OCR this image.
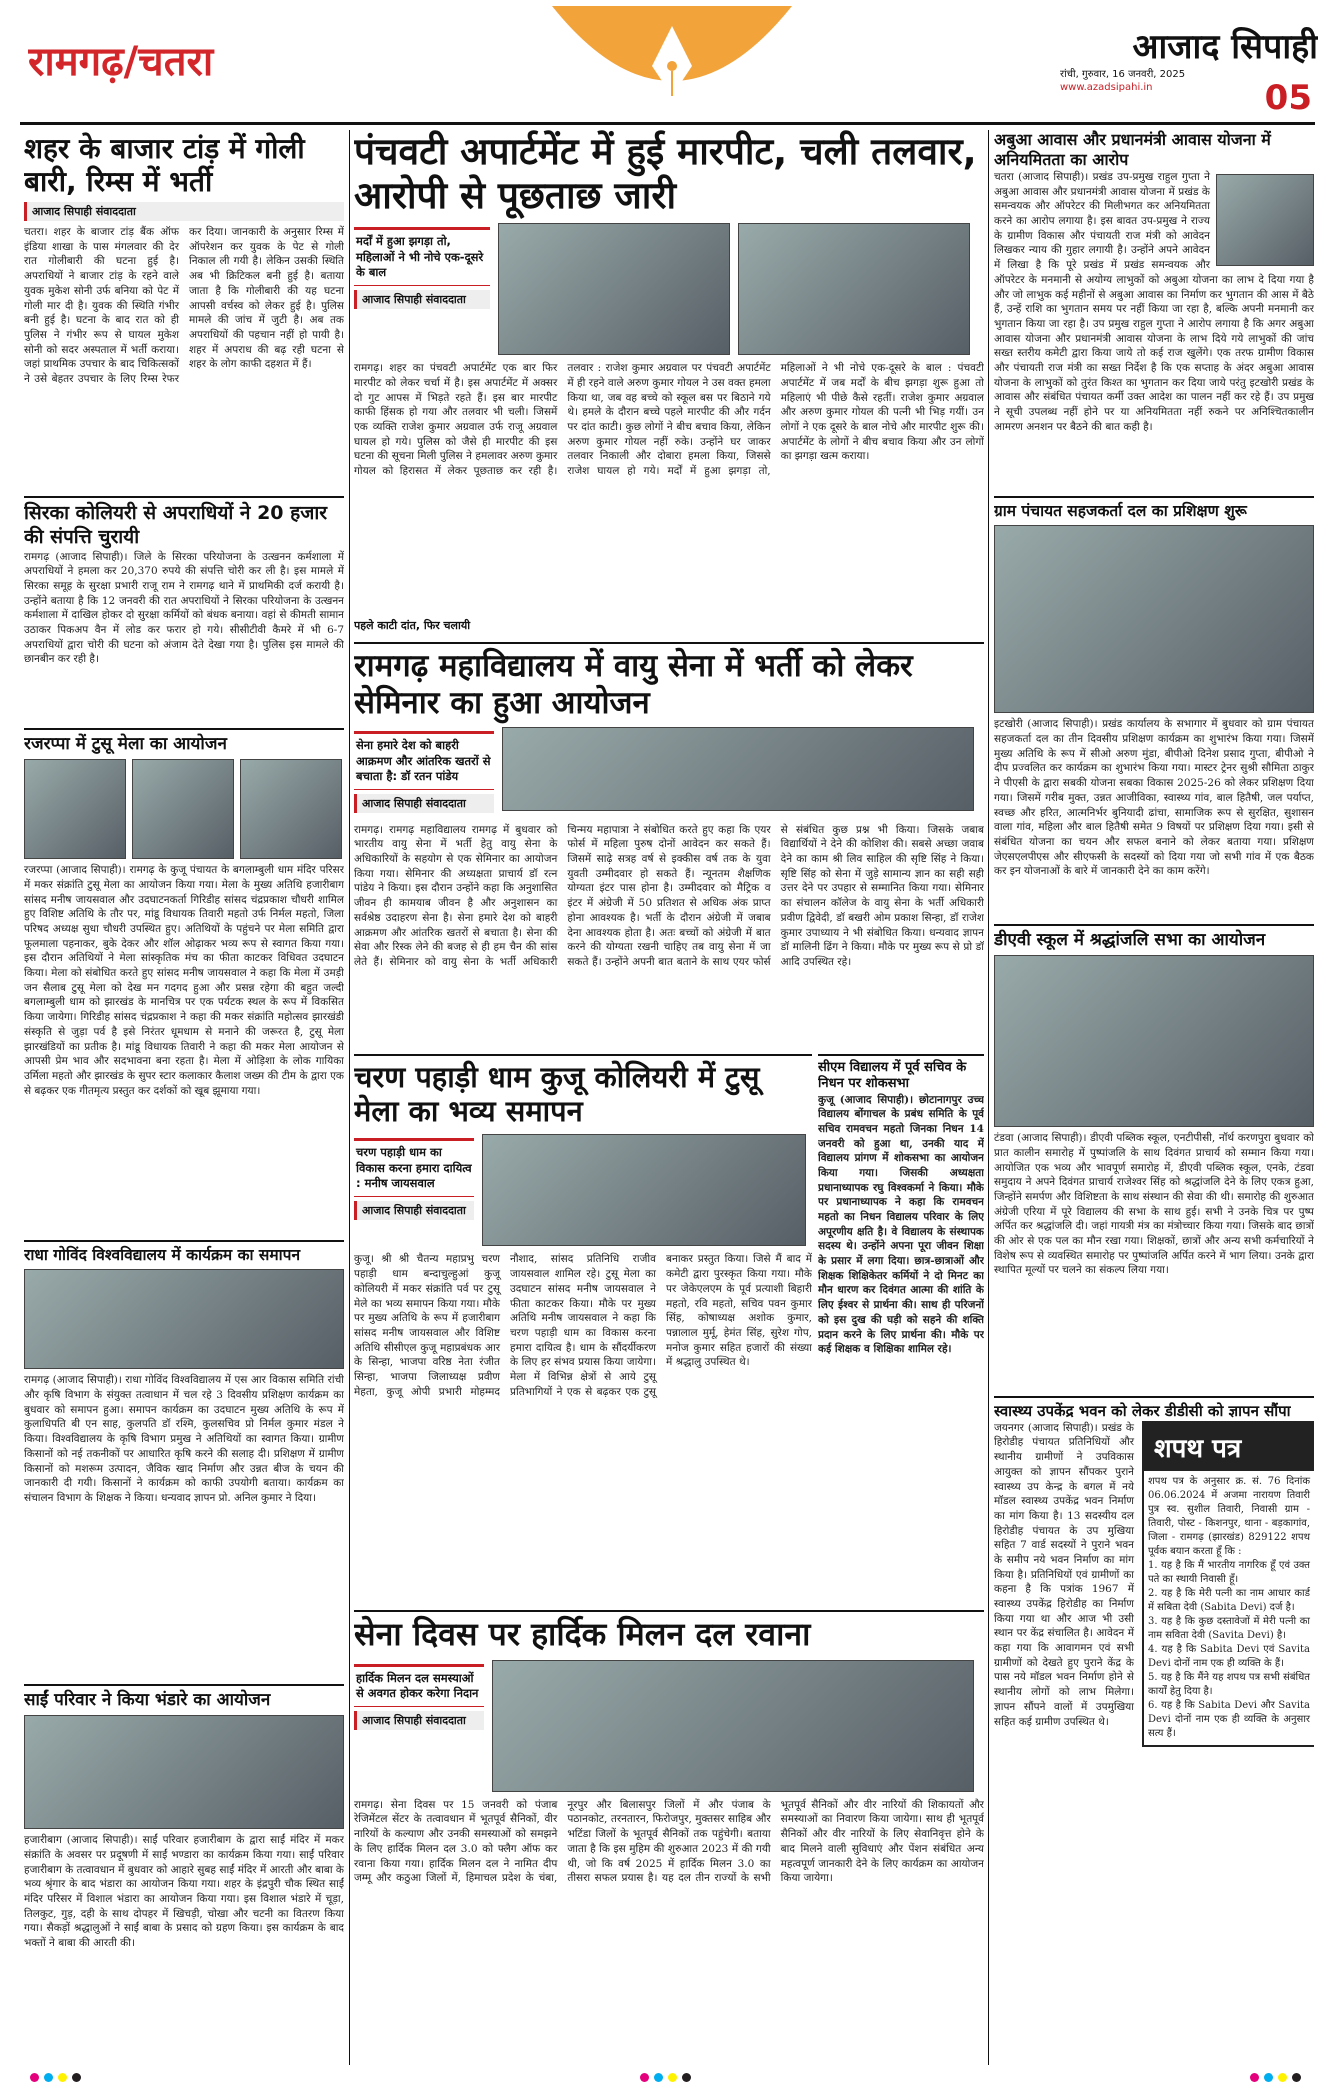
रामगढ़/चतरा	आजाद सिपाही
रांची, गुरुवार, 16 जनवरी, 2025
www.azadsipahi.in	05
शहर के बाजार टांड़ में गोली बारी, रिम्स में भर्ती
आजाद सिपाही संवाददाता
चतरा। शहर के बाजार टांड़ बैंक ऑफ इंडिया शाखा के पास मंगलवार की देर रात गोलीबारी की घटना हुई है। अपराधियों ने बाजार टांड़ के रहने वाले युवक मुकेश सोनी उर्फ बनिया को पेट में गोली मार दी है। युवक की स्थिति गंभीर बनी हुई है। घटना के बाद रात को ही पुलिस ने गंभीर रूप से घायल मुकेश सोनी को सदर अस्पताल में भर्ती कराया। जहां प्राथमिक उपचार के बाद चिकित्सकों ने उसे बेहतर उपचार के लिए रिम्स रेफर कर दिया। जानकारी के अनुसार रिम्स में ऑपरेशन कर युवक के पेट से गोली निकाल ली गयी है। लेकिन उसकी स्थिति अब भी क्रिटिकल बनी हुई है। बताया जाता है कि गोलीबारी की यह घटना आपसी वर्चस्व को लेकर हुई है। पुलिस मामले की जांच में जुटी है। अब तक अपराधियों की पहचान नहीं हो पायी है। शहर में अपराध की बढ़ रही घटना से शहर के लोग काफी दहशत में हैं।
सिरका कोलियरी से अपराधियों ने 20 हजार की संपत्ति चुरायी
रामगढ़ (आजाद सिपाही)। जिले के सिरका परियोजना के उत्खनन कर्मशाला में अपराधियों ने हमला कर 20,370 रुपये की संपत्ति चोरी कर ली है। इस मामले में सिरका समूह के सुरक्षा प्रभारी राजू राम ने रामगढ़ थाने में प्राथमिकी दर्ज करायी है। उन्होंने बताया है कि 12 जनवरी की रात अपराधियों ने सिरका परियोजना के उत्खनन कर्मशाला में दाखिल होकर दो सुरक्षा कर्मियों को बंधक बनाया। वहां से कीमती सामान उठाकर पिकअप वैन में लोड कर फरार हो गये। सीसीटीवी कैमरे में भी 6-7 अपराधियों द्वारा चोरी की घटना को अंजाम देते देखा गया है। पुलिस इस मामले की छानबीन कर रही है।
रजरप्पा में टुसू मेला का आयोजन
रजरप्पा (आजाद सिपाही)। रामगढ़ के कुजू पंचायत के बगलाम्बुली धाम मंदिर परिसर में मकर संक्रांति टुसू मेला का आयोजन किया गया। मेला के मुख्य अतिथि हजारीबाग सांसद मनीष जायसवाल और उदघाटनकर्ता गिरिडीह सांसद चंद्रप्रकाश चौधरी शामिल हुए विशिष्ट अतिथि के तौर पर, मांडू विधायक तिवारी महतो उर्फ निर्मल महतो, जिला परिषद अध्यक्ष सुधा चौधरी उपस्थित हुए। अतिथियों के पहुंचने पर मेला समिति द्वारा फूलमाला पहनाकर, बुके देकर और शॉल ओढ़ाकर भव्य रूप से स्वागत किया गया। इस दौरान अतिथियों ने मेला सांस्कृतिक मंच का फीता काटकर विधिवत उदघाटन किया। मेला को संबोधित करते हुए सांसद मनीष जायसवाल ने कहा कि मेला में उमड़ी जन सैलाब टुसू मेला को देख मन गदगद हुआ और प्रसन्न रहेगा की बहुत जल्दी बगलाम्बुली धाम को झारखंड के मानचित्र पर एक पर्यटक स्थल के रूप में विकसित किया जायेगा। गिरिडीह सांसद चंद्रप्रकाश ने कहा की मकर संक्रांति महोत्सव झारखंडी संस्कृति से जुड़ा पर्व है इसे निरंतर धूमधाम से मनाने की जरूरत है, टुसू मेला झारखंडियों का प्रतीक है। मांडू विधायक तिवारी ने कहा की मकर मेला आयोजन से आपसी प्रेम भाव और सदभावना बना रहता है। मेला में ओड़िशा के लोक गायिका उर्मिला महतो और झारखंड के सुपर स्टार कलाकार कैलाश जख्म की टीम के द्वारा एक से बढ़कर एक गीतमृत्य प्रस्तुत कर दर्शकों को खूब झूमाया गया।
राधा गोविंद विश्वविद्यालय में कार्यक्रम का समापन
रामगढ़ (आजाद सिपाही)। राधा गोविंद विश्वविद्यालय में एस आर विकास समिति रांची और कृषि विभाग के संयुक्त तत्वाधान में चल रहे 3 दिवसीय प्रशिक्षण कार्यक्रम का बुधवार को समापन हुआ। समापन कार्यक्रम का उदघाटन मुख्य अतिथि के रूप में कुलाधिपति बी एन साह, कुलपति डॉ रश्मि, कुलसचिव प्रो निर्मल कुमार मंडल ने किया। विश्वविद्यालय के कृषि विभाग प्रमुख ने अतिथियों का स्वागत किया। ग्रामीण किसानों को नई तकनीकों पर आधारित कृषि करने की सलाह दी। प्रशिक्षण में ग्रामीण किसानों को मशरूम उत्पादन, जैविक खाद निर्माण और उन्नत बीज के चयन की जानकारी दी गयी। किसानों ने कार्यक्रम को काफी उपयोगी बताया। कार्यक्रम का संचालन विभाग के शिक्षक ने किया। धन्यवाद ज्ञापन प्रो. अनिल कुमार ने दिया।
साईं परिवार ने किया भंडारे का आयोजन
हजारीबाग (आजाद सिपाही)। साईं परिवार हजारीबाग के द्वारा साईं मंदिर में मकर संक्रांति के अवसर पर प्रदूषणी में साईं भण्डारा का कार्यक्रम किया गया। साईं परिवार हजारीबाग के तत्वावधान में बुधवार को आहारे सुबह साईं मंदिर में आरती और बाबा के भव्य श्रृंगार के बाद भंडारा का आयोजन किया गया। शहर के इंद्रपुरी चौक स्थित साईं मंदिर परिसर में विशाल भंडारा का आयोजन किया गया। इस विशाल भंडारे में चूड़ा, तिलकुट, गुड़, दही के साथ दोपहर में खिचड़ी, चोखा और चटनी का वितरण किया गया। सैकड़ों श्रद्धालुओं ने साईं बाबा के प्रसाद को ग्रहण किया। इस कार्यक्रम के बाद भक्तों ने बाबा की आरती की।
पंचवटी अपार्टमेंट में हुई मारपीट, चली तलवार, आरोपी से पूछताछ जारी
मर्दों में हुआ झगड़ा तो, महिलाओं ने भी नोचे एक-दूसरे के बाल
आजाद सिपाही संवाददाता
रामगढ़। शहर का पंचवटी अपार्टमेंट एक बार फिर मारपीट को लेकर चर्चा में है। इस अपार्टमेंट में अक्सर दो गुट आपस में भिड़ते रहते हैं। इस बार मारपीट काफी हिंसक हो गया और तलवार भी चली। जिसमें एक व्यक्ति राजेश कुमार अग्रवाल उर्फ राजू अग्रवाल घायल हो गये। पुलिस को जैसे ही मारपीट की इस घटना की सूचना मिली पुलिस ने हमलावर अरुण कुमार गोयल को हिरासत में लेकर पूछताछ कर रही है। तलवार : राजेश कुमार अग्रवाल पर पंचवटी अपार्टमेंट में ही रहने वाले अरुण कुमार गोयल ने उस वक्त हमला किया था, जब वह बच्चे को स्कूल बस पर बिठाने गये थे। हमले के दौरान बच्चे पहले मारपीट की और गर्दन पर दांत काटी। कुछ लोगों ने बीच बचाव किया, लेकिन अरुण कुमार गोयल नहीं रुके। उन्होंने घर जाकर तलवार निकाली और दोबारा हमला किया, जिससे राजेश घायल हो गये। मर्दों में हुआ झगड़ा तो, महिलाओं ने भी नोचे एक-दूसरे के बाल : पंचवटी अपार्टमेंट में जब मर्दों के बीच झगड़ा शुरू हुआ तो महिलाएं भी पीछे कैसे रहतीं। राजेश कुमार अग्रवाल और अरुण कुमार गोयल की पत्नी भी भिड़ गयीं। उन लोगों ने एक दूसरे के बाल नोचे और मारपीट शुरू की। अपार्टमेंट के लोगों ने बीच बचाव किया और उन लोगों का झगड़ा खत्म कराया।
पहले काटी दांत, फिर चलायी
रामगढ़ महाविद्यालय में वायु सेना में भर्ती को लेकर सेमिनार का हुआ आयोजन
सेना हमारे देश को बाहरी आक्रमण और आंतरिक खतरों से बचाता है: डॉ रतन पांडेय
आजाद सिपाही संवाददाता
रामगढ़। रामगढ़ महाविद्यालय रामगढ़ में बुधवार को भारतीय वायु सेना में भर्ती हेतु वायु सेना के अधिकारियों के सहयोग से एक सेमिनार का आयोजन किया गया। सेमिनार की अध्यक्षता प्राचार्य डॉ रत्न पांडेय ने किया। इस दौरान उन्होंने कहा कि अनुशासित जीवन ही कामयाब जीवन है और अनुशासन का सर्वश्रेष्ठ उदाहरण सेना है। सेना हमारे देश को बाहरी आक्रमण और आंतरिक खतरों से बचाता है। सेना की सेवा और रिस्क लेने की बजह से ही हम चैन की सांस लेते हैं। सेमिनार को वायु सेना के भर्ती अधिकारी चिन्मय महापात्रा ने संबोधित करते हुए कहा कि एयर फोर्स में महिला पुरुष दोनों आवेदन कर सकते हैं। जिसमें साढ़े सत्रह वर्ष से इक्कीस वर्ष तक के युवा युवती उम्मीदवार हो सकते हैं। न्यूनतम शैक्षणिक योग्यता इंटर पास होना है। उम्मीदवार को मैट्रिक व इंटर में अंग्रेजी में 50 प्रतिशत से अधिक अंक प्राप्त होना आवश्यक है। भर्ती के दौरान अंग्रेजी में जबाब देना आवश्यक होता है। अतः बच्चों को अंग्रेजी में बात करने की योग्यता रखनी चाहिए तब वायु सेना में जा सकते हैं। उन्होंने अपनी बात बताने के साथ एयर फोर्स से संबंधित कुछ प्रश्न भी किया। जिसके जबाब विद्यार्थियों ने देने की कोशिश की। सबसे अच्छा जवाब देने का काम श्री लिव साहिल की सृष्टि सिंह ने किया। सृष्टि सिंह को सेना में जुड़े सामान्य ज्ञान का सही सही उत्तर देने पर उपहार से सम्मानित किया गया। सेमिनार का संचालन कॉलेज के वायु सेना के भर्ती अधिकारी प्रवीण द्विवेदी, डॉ बखरी ओम प्रकाश सिन्हा, डॉ राजेश कुमार उपाध्याय ने भी संबोधित किया। धन्यवाद ज्ञापन डॉ मालिनी ढिंग ने किया। मौके पर मुख्य रूप से प्रो डॉ आदि उपस्थित रहे।
चरण पहाड़ी धाम कुजू कोलियरी में टुसू मेला का भव्य समापन
चरण पहाड़ी धाम का विकास करना हमारा दायित्व : मनीष जायसवाल
आजाद सिपाही संवाददाता
कुजू। श्री श्री चैतन्य महाप्रभु चरण पहाड़ी धाम बन्दाचुल्हुआं कुजू कोलियरी में मकर संक्रांति पर्व पर टुसू मेले का भव्य समापन किया गया। मौके पर मुख्य अतिथि के रूप में हजारीबाग सांसद मनीष जायसवाल और विशिष्ट अतिथि सीसीएल कुजू महाप्रबंधक आर के सिन्हा, भाजपा वरिष्ठ नेता रंजीत सिन्हा, भाजपा जिलाध्यक्ष प्रवीण मेहता, कुजू ओपी प्रभारी मोहम्मद नौशाद, सांसद प्रतिनिधि राजीव जायसवाल शामिल रहे। टुसू मेला का उदघाटन सांसद मनीष जायसवाल ने फीता काटकर किया। मौके पर मुख्य अतिथि मनीष जायसवाल ने कहा कि चरण पहाड़ी धाम का विकास करना हमारा दायित्व है। धाम के सौंदर्यीकरण के लिए हर संभव प्रयास किया जायेगा। मेला में विभिन्न क्षेत्रों से आये टुसू प्रतिभागियों ने एक से बढ़कर एक टुसू बनाकर प्रस्तुत किया। जिसे मैं बाद में कमेटी द्वारा पुरस्कृत किया गया। मौके पर जेकेएलएम के पूर्व प्रत्याशी बिहारी महतो, रवि महतो, सचिव पवन कुमार सिंह, कोषाध्यक्ष अशोक कुमार, पन्नालाल मुर्मू, हेमंत सिंह, सुरेश गोप, मनोज कुमार सहित हजारों की संख्या में श्रद्धालु उपस्थित थे।
सीएम विद्यालय में पूर्व सचिव के निधन पर शोकसभा
कुजू (आजाद सिपाही)। छोटानागपुर उच्च विद्यालय बोंगाचल के प्रबंध समिति के पूर्व सचिव रामवचन महतो जिनका निधन 14 जनवरी को हुआ था, उनकी याद में विद्यालय प्रांगण में शोकसभा का आयोजन किया गया। जिसकी अध्यक्षता प्रधानाध्यापक रघु विश्वकर्मा ने किया। मौके पर प्रधानाध्यापक ने कहा कि रामवचन महतो का निधन विद्यालय परिवार के लिए अपूरणीय क्षति है। वे विद्यालय के संस्थापक सदस्य थे। उन्होंने अपना पूरा जीवन शिक्षा के प्रसार में लगा दिया। छात्र-छात्राओं और शिक्षक शिक्षिकेतर कर्मियों ने दो मिनट का मौन धारण कर दिवंगत आत्मा की शांति के लिए ईश्वर से प्रार्थना की। साथ ही परिजनों को इस दुख की घड़ी को सहने की शक्ति प्रदान करने के लिए प्रार्थना की। मौके पर कई शिक्षक व शिक्षिका शामिल रहे।
सेना दिवस पर हार्दिक मिलन दल रवाना
हार्दिक मिलन दल समस्याओं से अवगत होकर करेगा निदान
आजाद सिपाही संवाददाता
रामगढ़। सेना दिवस पर 15 जनवरी को पंजाब रेजिमेंटल सेंटर के तत्वावधान में भूतपूर्व सैनिकों, वीर नारियों के कल्याण और उनकी समस्याओं को समझने के लिए हार्दिक मिलन दल 3.0 को फ्लैग ऑफ कर रवाना किया गया। हार्दिक मिलन दल ने नामित दीप जम्मू और कठुआ जिलों में, हिमाचल प्रदेश के चंबा, नूरपुर और बिलासपुर जिलों में और पंजाब के पठानकोट, तरनतारन, फिरोजपुर, मुक्तसर साहिब और भटिंडा जिलों के भूतपूर्व सैनिकों तक पहुंचेगी। बताया जाता है कि इस मुहिम की शुरुआत 2023 में की गयी थी, जो कि वर्ष 2025 में हार्दिक मिलन 3.0 का तीसरा सफल प्रयास है। यह दल तीन राज्यों के सभी भूतपूर्व सैनिकों और वीर नारियों की शिकायतों और समस्याओं का निवारण किया जायेगा। साथ ही भूतपूर्व सैनिकों और वीर नारियों के लिए सेवानिवृत्त होने के बाद मिलने वाली सुविधाएं और पेंशन संबंधित अन्य महत्वपूर्ण जानकारी देने के लिए कार्यक्रम का आयोजन किया जायेगा।
अबुआ आवास और प्रधानमंत्री आवास योजना में अनियमितता का आरोप
चतरा (आजाद सिपाही)। प्रखंड उप-प्रमुख राहुल गुप्ता ने अबुआ आवास और प्रधानमंत्री आवास योजना में प्रखंड के समन्वयक और ऑपरेटर की मिलीभगत कर अनियमितता करने का आरोप लगाया है। इस बावत उप-प्रमुख ने राज्य के ग्रामीण विकास और पंचायती राज मंत्री को आवेदन लिखकर न्याय की गुहार लगायी है। उन्होंने अपने आवेदन में लिखा है कि पूरे प्रखंड में प्रखंड समन्वयक और ऑपरेटर के मनमानी से अयोग्य लाभुकों को अबुआ योजना का लाभ दे दिया गया है और जो लाभुक कई महीनों से अबुआ आवास का निर्माण कर भुगतान की आस में बैठे हैं, उन्हें राशि का भुगतान समय पर नहीं किया जा रहा है, बल्कि अपनी मनमानी कर भुगतान किया जा रहा है। उप प्रमुख राहुल गुप्ता ने आरोप लगाया है कि अगर अबुआ आवास योजना और प्रधानमंत्री आवास योजना के लाभ दिये गये लाभुकों की जांच सख्त स्तरीय कमेटी द्वारा किया जाये तो कई राज खुलेंगे। एक तरफ ग्रामीण विकास और पंचायती राज मंत्री का सख्त निर्देश है कि एक सप्ताह के अंदर अबुआ आवास योजना के लाभुकों को तुरंत किश्त का भुगतान कर दिया जाये परंतु इटखोरी प्रखंड के आवास और संबंधित पंचायत कर्मी उक्त आदेश का पालन नहीं कर रहे हैं। उप प्रमुख ने सूची उपलब्ध नहीं होने पर या अनियमितता नहीं रुकने पर अनिश्चितकालीन आमरण अनशन पर बैठने की बात कही है।
ग्राम पंचायत सहजकर्ता दल का प्रशिक्षण शुरू
इटखोरी (आजाद सिपाही)। प्रखंड कार्यालय के सभागार में बुधवार को ग्राम पंचायत सहजकर्ता दल का तीन दिवसीय प्रशिक्षण कार्यक्रम का शुभारंभ किया गया। जिसमें मुख्य अतिथि के रूप में सीओ अरुण मुंडा, बीपीओ दिनेश प्रसाद गुप्ता, बीपीओ ने दीप प्रज्वलित कर कार्यक्रम का शुभारंभ किया गया। मास्टर ट्रेनर सुश्री सौमिता ठाकुर ने पीएसी के द्वारा सबकी योजना सबका विकास 2025-26 को लेकर प्रशिक्षण दिया गया। जिसमें गरीब मुक्त, उन्नत आजीविका, स्वास्थ्य गांव, बाल हितैषी, जल पर्याप्त, स्वच्छ और हरित, आत्मनिर्भर बुनियादी ढांचा, सामाजिक रूप से सुरक्षित, सुशासन वाला गांव, महिला और बाल हितैषी समेत 9 विषयों पर प्रशिक्षण दिया गया। इसी से संबंधित योजना का चयन और सफल बनाने को लेकर बताया गया। प्रशिक्षण जेएसएलपीएस और सीएफसी के सदस्यों को दिया गया जो सभी गांव में एक बैठक कर इन योजनाओं के बारे में जानकारी देने का काम करेंगे।
डीएवी स्कूल में श्रद्धांजलि सभा का आयोजन
टंडवा (आजाद सिपाही)। डीएवी पब्लिक स्कूल, एनटीपीसी, नॉर्थ करणपुरा बुधवार को प्रात कालीन समारोह में पुष्पांजलि के साथ दिवंगत प्राचार्य को सम्मान किया गया। आयोजित एक भव्य और भावपूर्ण समारोह में, डीएवी पब्लिक स्कूल, एनके, टंडवा समुदाय ने अपने दिवंगत प्राचार्य राजेश्वर सिंह को श्रद्धांजलि देने के लिए एकत्र हुआ, जिन्होंने समर्पण और विशिष्टता के साथ संस्थान की सेवा की थी। समारोह की शुरुआत अंग्रेजी एरिया में पूरे विद्यालय की सभा के साथ हुई। सभी ने उनके चित्र पर पुष्प अर्पित कर श्रद्धांजलि दी। जहां गायत्री मंत्र का मंत्रोच्चार किया गया। जिसके बाद छात्रों की ओर से एक पल का मौन रखा गया। शिक्षकों, छात्रों और अन्य सभी कर्मचारियों ने विशेष रूप से व्यवस्थित समारोह पर पुष्पांजलि अर्पित करने में भाग लिया। उनके द्वारा स्थापित मूल्यों पर चलने का संकल्प लिया गया।
स्वास्थ्य उपकेंद्र भवन को लेकर डीडीसी को ज्ञापन सौंपा
जयनगर (आजाद सिपाही)। प्रखंड के हिरोडीह पंचायत प्रतिनिधियों और स्थानीय ग्रामीणों ने उपविकास आयुक्त को ज्ञापन सौंपकर पुराने स्वास्थ्य उप केन्द्र के बगल में नये मॉडल स्वास्थ्य उपकेंद्र भवन निर्माण का मांग किया है। 13 सदस्यीय दल हिरोडीह पंचायत के उप मुखिया सहित 7 वार्ड सदस्यों ने पुराने भवन के समीप नये भवन निर्माण का मांग किया है। प्रतिनिधियों एवं ग्रामीणों का कहना है कि पत्रांक 1967 में स्वास्थ्य उपकेंद्र हिरोडीह का निर्माण किया गया था और आज भी उसी स्थान पर केंद्र संचालित है। आवेदन में कहा गया कि आवागमन एवं सभी ग्रामीणों को देखते हुए पुराने केंद्र के पास नये मॉडल भवन निर्माण होने से स्थानीय लोगों को लाभ मिलेगा। ज्ञापन सौंपने वालों में उपमुखिया सहित कई ग्रामीण उपस्थित थे।
शपथ पत्र
शपथ पत्र के अनुसार क्र. सं. 76 दिनांक 06.06.2024 में अजमा नारायण तिवारी पुत्र स्व. सुशील तिवारी, निवासी ग्राम - तिवारी, पोस्ट - किशनपुर, थाना - बड़कागांव, जिला - रामगढ़ (झारखंड) 829122 शपथ पूर्वक बयान करता हूँ कि :
1. यह है कि मैं भारतीय नागरिक हूँ एवं उक्त पते का स्थायी निवासी हूँ।
2. यह है कि मेरी पत्नी का नाम आधार कार्ड में सबिता देवी (Sabita Devi) दर्ज है।
3. यह है कि कुछ दस्तावेजों में मेरी पत्नी का नाम सविता देवी (Savita Devi) है।
4. यह है कि Sabita Devi एवं Savita Devi दोनों नाम एक ही व्यक्ति के हैं।
5. यह है कि मैंने यह शपथ पत्र सभी संबंधित कार्यों हेतु दिया है।
6. यह है कि Sabita Devi और Savita Devi दोनों नाम एक ही व्यक्ति के अनुसार सत्य हैं।
